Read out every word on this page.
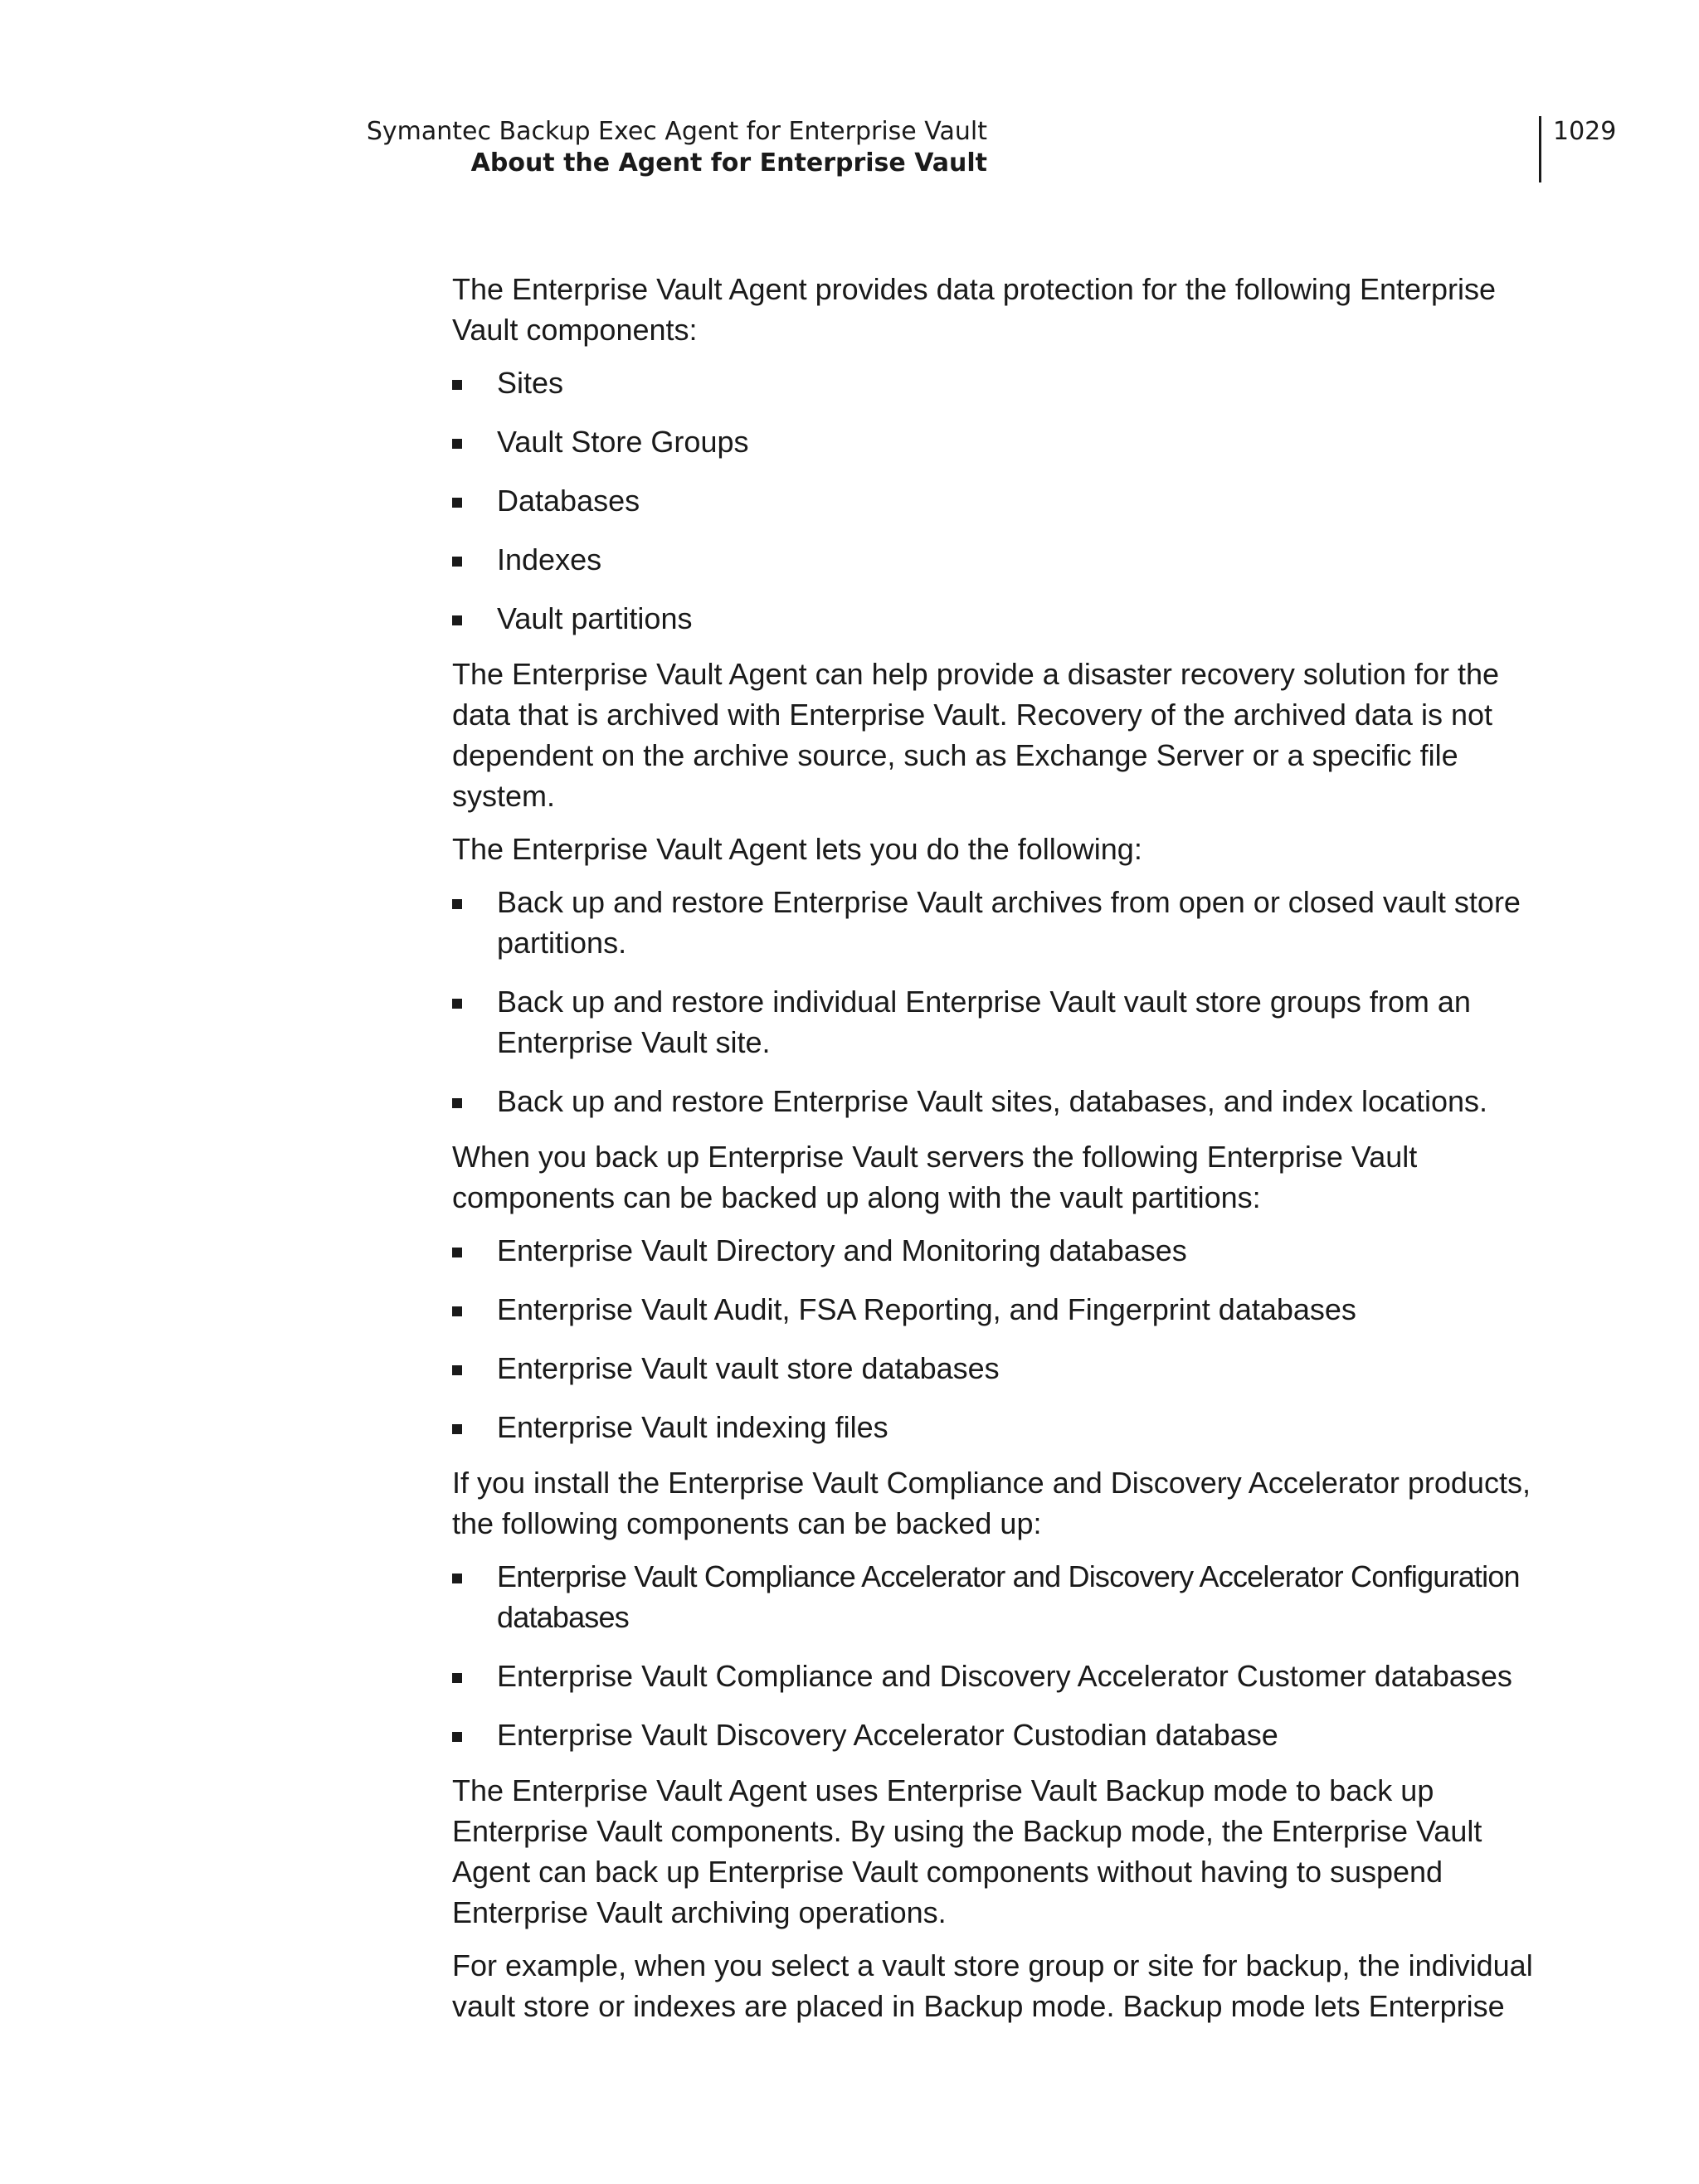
Symantec Backup Exec Agent for Enterprise Vault
About the Agent for Enterprise Vault
1029

The Enterprise Vault Agent provides data protection for the following Enterprise Vault components:

Sites
Vault Store Groups
Databases
Indexes
Vault partitions

The Enterprise Vault Agent can help provide a disaster recovery solution for the data that is archived with Enterprise Vault. Recovery of the archived data is not dependent on the archive source, such as Exchange Server or a specific file system.

The Enterprise Vault Agent lets you do the following:

Back up and restore Enterprise Vault archives from open or closed vault store partitions.
Back up and restore individual Enterprise Vault vault store groups from an Enterprise Vault site.
Back up and restore Enterprise Vault sites, databases, and index locations.

When you back up Enterprise Vault servers the following Enterprise Vault components can be backed up along with the vault partitions:

Enterprise Vault Directory and Monitoring databases
Enterprise Vault Audit, FSA Reporting, and Fingerprint databases
Enterprise Vault vault store databases
Enterprise Vault indexing files

If you install the Enterprise Vault Compliance and Discovery Accelerator products, the following components can be backed up:

Enterprise Vault Compliance Accelerator and Discovery Accelerator Configuration databases
Enterprise Vault Compliance and Discovery Accelerator Customer databases
Enterprise Vault Discovery Accelerator Custodian database

The Enterprise Vault Agent uses Enterprise Vault Backup mode to back up Enterprise Vault components. By using the Backup mode, the Enterprise Vault Agent can back up Enterprise Vault components without having to suspend Enterprise Vault archiving operations.

For example, when you select a vault store group or site for backup, the individual vault store or indexes are placed in Backup mode. Backup mode lets Enterprise
